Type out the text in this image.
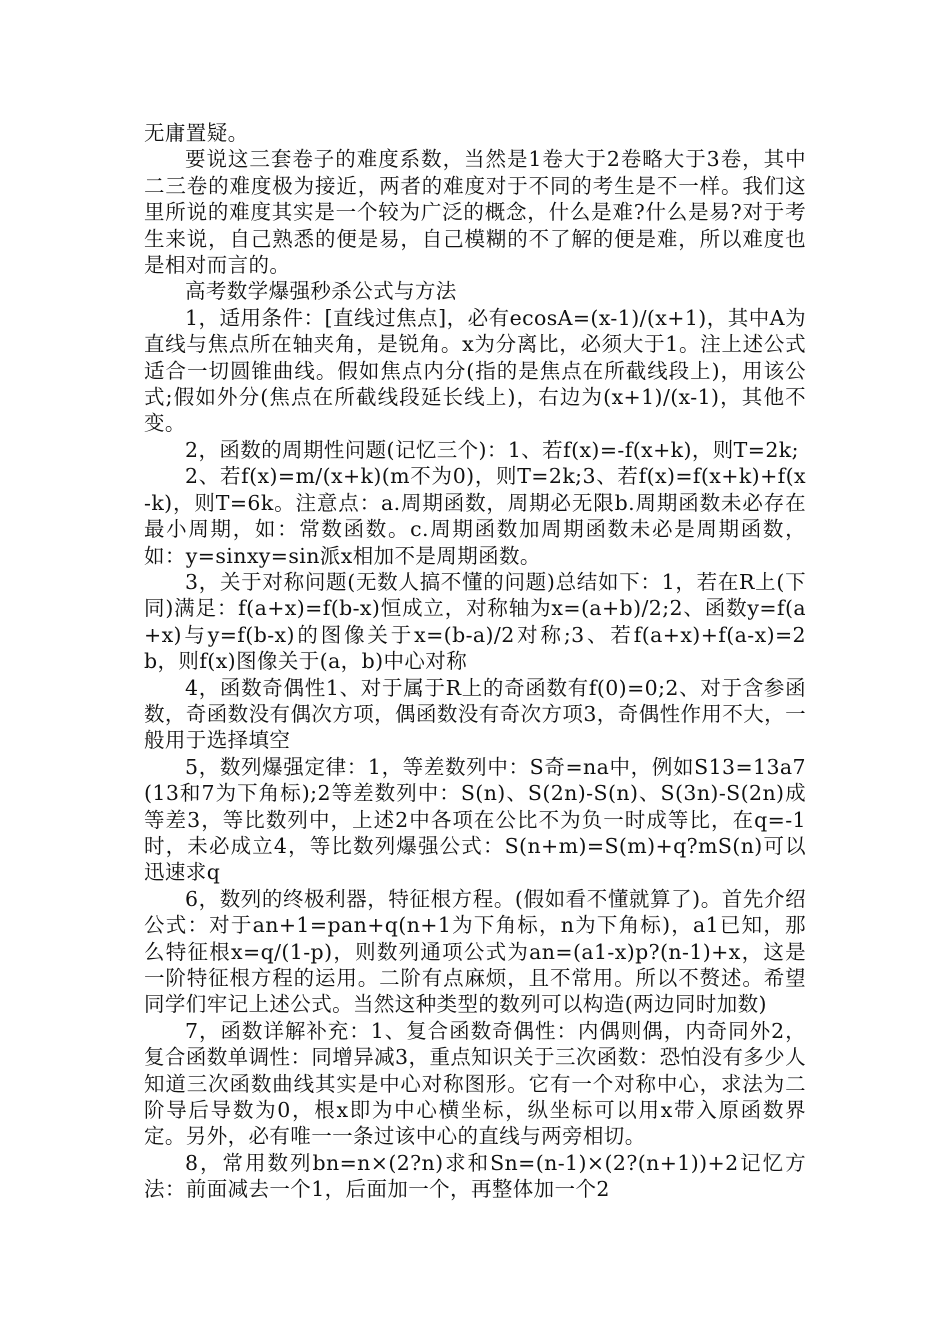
无庸置疑。

要说这三套卷子的难度系数，当然是1卷大于2卷略大于3卷，其中二三卷的难度极为接近，两者的难度对于不同的考生是不一样。我们这里所说的难度其实是一个较为广泛的概念，什么是难?什么是易?对于考生来说，自己熟悉的便是易，自己模糊的不了解的便是难，所以难度也是相对而言的。

高考数学爆强秒杀公式与方法

1，适用条件：[直线过焦点]，必有ecosA=(x-1)/(x+1)，其中A为直线与焦点所在轴夹角，是锐角。x为分离比，必须大于1。注上述公式适合一切圆锥曲线。假如焦点内分(指的是焦点在所截线段上)，用该公式;假如外分(焦点在所截线段延长线上)，右边为(x+1)/(x-1)，其他不变。

2，函数的周期性问题(记忆三个)：1、若f(x)=-f(x+k)，则T=2k;

2、若f(x)=m/(x+k)(m不为0)，则T=2k;3、若f(x)=f(x+k)+f(x-k)，则T=6k。注意点：a.周期函数，周期必无限b.周期函数未必存在最小周期，如：常数函数。c.周期函数加周期函数未必是周期函数，如：y=sinxy=sin派x相加不是周期函数。

3，关于对称问题(无数人搞不懂的问题)总结如下：1，若在R上(下同)满足：f(a+x)=f(b-x)恒成立，对称轴为x=(a+b)/2;2、函数y=f(a+x)与y=f(b-x)的图像关于x=(b-a)/2对称;3、若f(a+x)+f(a-x)=2b，则f(x)图像关于(a，b)中心对称

4，函数奇偶性1、对于属于R上的奇函数有f(0)=0;2、对于含参函数，奇函数没有偶次方项，偶函数没有奇次方项3，奇偶性作用不大，一般用于选择填空

5，数列爆强定律：1，等差数列中：S奇=na中，例如S13=13a7(13和7为下角标);2等差数列中：S(n)、S(2n)-S(n)、S(3n)-S(2n)成等差3，等比数列中，上述2中各项在公比不为负一时成等比，在q=-1时，未必成立4，等比数列爆强公式：S(n+m)=S(m)+q?mS(n)可以迅速求q

6，数列的终极利器，特征根方程。(假如看不懂就算了)。首先介绍公式：对于an+1=pan+q(n+1为下角标，n为下角标)，a1已知，那么特征根x=q/(1-p)，则数列通项公式为an=(a1-x)p?(n-1)+x，这是一阶特征根方程的运用。二阶有点麻烦，且不常用。所以不赘述。希望同学们牢记上述公式。当然这种类型的数列可以构造(两边同时加数)

7，函数详解补充：1、复合函数奇偶性：内偶则偶，内奇同外2，复合函数单调性：同增异减3，重点知识关于三次函数：恐怕没有多少人知道三次函数曲线其实是中心对称图形。它有一个对称中心，求法为二阶导后导数为0，根x即为中心横坐标，纵坐标可以用x带入原函数界定。另外，必有唯一一条过该中心的直线与两旁相切。

8，常用数列bn=n×(2?n)求和Sn=(n-1)×(2?(n+1))+2记忆方法：前面减去一个1，后面加一个，再整体加一个2
